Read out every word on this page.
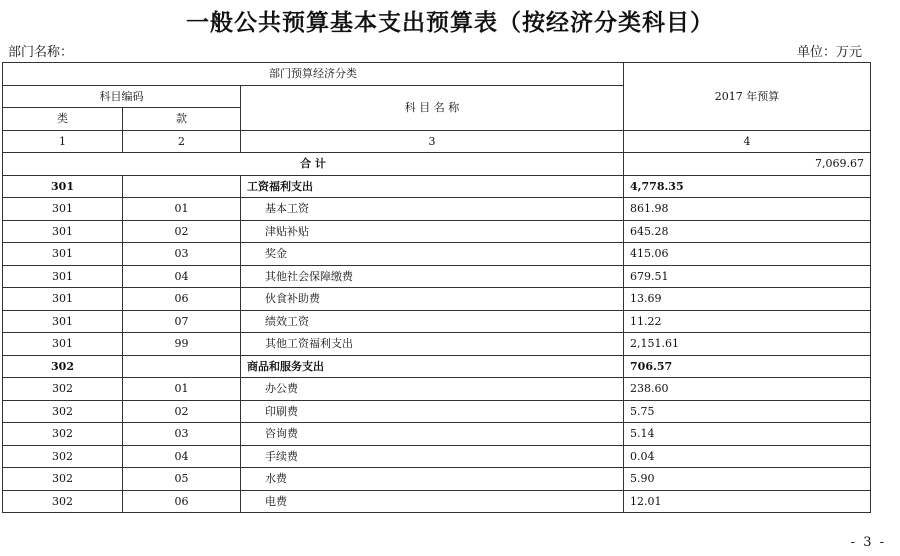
一般公共预算基本支出预算表（按经济分类科目）
部门名称：	单位：万元
部门预算经济分类			2017 年预算
科目编码		科 目 名 称	
类	款		
1	2	3	4
合 计			7,069.67
301		工资福利支出	4,778.35
301	01	基本工资	861.98
301	02	津贴补贴	645.28
301	03	奖金	415.06
301	04	其他社会保障缴费	679.51
301	06	伙食补助费	13.69
301	07	绩效工资	11.22
301	99	其他工资福利支出	2,151.61
302		商品和服务支出	706.57
302	01	办公费	238.60
302	02	印刷费	5.75
302	03	咨询费	5.14
302	04	手续费	0.04
302	05	水费	5.90
302	06	电费	12.01
- 3 -
